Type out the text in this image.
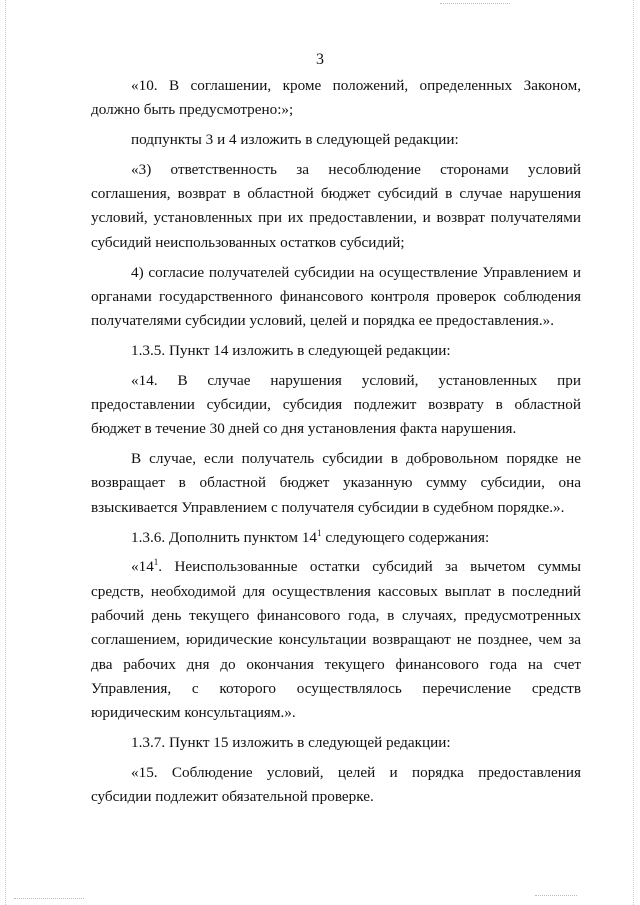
3

«10. В соглашении, кроме положений, определенных Законом, должно быть предусмотрено:»;

подпункты 3 и 4 изложить в следующей редакции:

«3) ответственность за несоблюдение сторонами условий соглашения, возврат в областной бюджет субсидий в случае нарушения условий, установленных при их предоставлении, и возврат получателями субсидий неиспользованных остатков субсидий;

4) согласие получателей субсидии на осуществление Управлением и органами государственного финансового контроля проверок соблюдения получателями субсидии условий, целей и порядка ее предоставления.».

1.3.5. Пункт 14 изложить в следующей редакции:

«14. В случае нарушения условий, установленных при предоставлении субсидии, субсидия подлежит возврату в областной бюджет в течение 30 дней со дня установления факта нарушения.

В случае, если получатель субсидии в добровольном порядке не возвращает в областной бюджет указанную сумму субсидии, она взыскивается Управлением с получателя субсидии в судебном порядке.».

1.3.6. Дополнить пунктом $14^1$ следующего содержания:

«$14^1$. Неиспользованные остатки субсидий за вычетом суммы средств, необходимой для осуществления кассовых выплат в последний рабочий день текущего финансового года, в случаях, предусмотренных соглашением, юридические консультации возвращают не позднее, чем за два рабочих дня до окончания текущего финансового года на счет Управления, с которого осуществлялось перечисление средств юридическим консультациям.».

1.3.7. Пункт 15 изложить в следующей редакции:

«15. Соблюдение условий, целей и порядка предоставления субсидии подлежит обязательной проверке.
